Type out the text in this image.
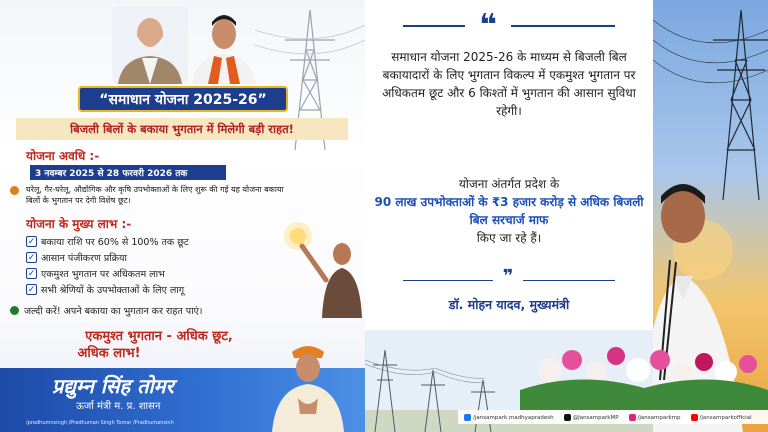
“समाधान योजना 2025-26”
बिजली बिलों के बकाया भुगतान में मिलेगी बड़ी राहत!
योजना अवधि :-
3 नवम्बर 2025 से 28 फरवरी 2026 तक
घरेलू, गैर-घरेलू, औद्योगिक और कृषि उपभोक्ताओं के लिए शुरू की गई यह योजना बकाया बिलों के भुगतान पर देगी विशेष छूट।
योजना के मुख्य लाभ :-
✓ बकाया राशि पर 60% से 100% तक छूट
✓ आसान पंजीकरण प्रक्रिया
✓ एकमुश्त भुगतान पर अधिकतम लाभ
✓ सभी श्रेणियों के उपभोक्ताओं के लिए लागू
जल्दी करें! अपने बकाया का भुगतान कर राहत पाएं।
एकमुश्त भुगतान - अधिक छूट,
अधिक लाभ!
प्रद्युम्न सिंह तोमर
ऊर्जा मंत्री म. प्र. शासन
/pradhumnsingh /Pradhuman Singh Tomar /Pradhumansinh
❝
समाधान योजना 2025-26 के माध्यम से बिजली बिल बकायादारों के लिए भुगतान विकल्प में एकमुश्त भुगतान पर अधिकतम छूट और 6 किश्तों में भुगतान की आसान सुविधा रहेगी।
योजना अंतर्गत प्रदेश के
90 लाख उपभोक्ताओं के ₹3 हजार करोड़ से अधिक बिजली बिल सरचार्ज माफ
किए जा रहे हैं।
❞
डॉ. मोहन यादव, मुख्यमंत्री
/jansampark.madhyapradesh	@JansamparkMP	/jansamparkmp	/jansamparkofficial
